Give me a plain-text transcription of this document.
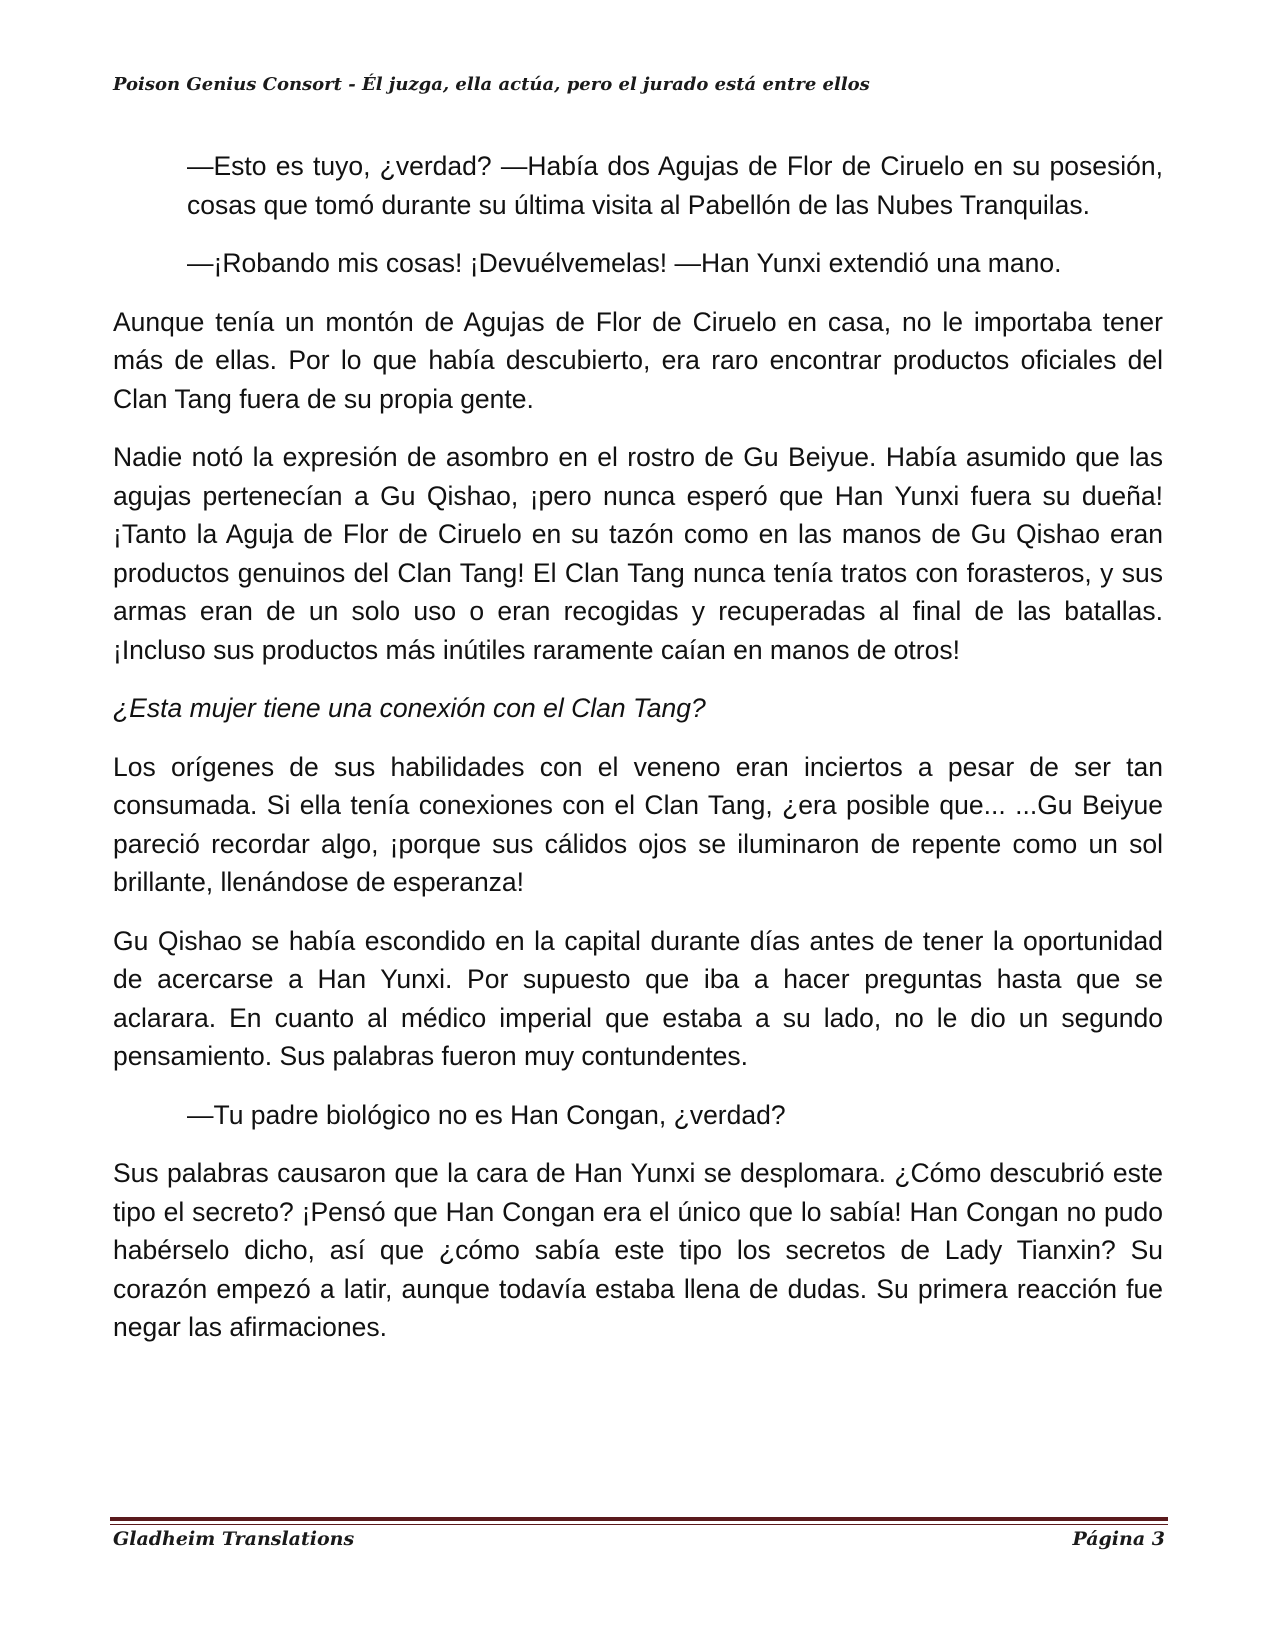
Poison Genius Consort - Él juzga, ella actúa, pero el jurado está entre ellos

—Esto es tuyo, ¿verdad? —Había dos Agujas de Flor de Ciruelo en su posesión, cosas que tomó durante su última visita al Pabellón de las Nubes Tranquilas.

—¡Robando mis cosas! ¡Devuélvemelas! —Han Yunxi extendió una mano.

Aunque tenía un montón de Agujas de Flor de Ciruelo en casa, no le importaba tener más de ellas. Por lo que había descubierto, era raro encontrar productos oficiales del Clan Tang fuera de su propia gente.

Nadie notó la expresión de asombro en el rostro de Gu Beiyue. Había asumido que las agujas pertenecían a Gu Qishao, ¡pero nunca esperó que Han Yunxi fuera su dueña! ¡Tanto la Aguja de Flor de Ciruelo en su tazón como en las manos de Gu Qishao eran productos genuinos del Clan Tang! El Clan Tang nunca tenía tratos con forasteros, y sus armas eran de un solo uso o eran recogidas y recuperadas al final de las batallas. ¡Incluso sus productos más inútiles raramente caían en manos de otros!

¿Esta mujer tiene una conexión con el Clan Tang?

Los orígenes de sus habilidades con el veneno eran inciertos a pesar de ser tan consumada. Si ella tenía conexiones con el Clan Tang, ¿era posible que... ...Gu Beiyue pareció recordar algo, ¡porque sus cálidos ojos se iluminaron de repente como un sol brillante, llenándose de esperanza!

Gu Qishao se había escondido en la capital durante días antes de tener la oportunidad de acercarse a Han Yunxi. Por supuesto que iba a hacer preguntas hasta que se aclarara. En cuanto al médico imperial que estaba a su lado, no le dio un segundo pensamiento. Sus palabras fueron muy contundentes.

—Tu padre biológico no es Han Congan, ¿verdad?

Sus palabras causaron que la cara de Han Yunxi se desplomara. ¿Cómo descubrió este tipo el secreto? ¡Pensó que Han Congan era el único que lo sabía! Han Congan no pudo habérselo dicho, así que ¿cómo sabía este tipo los secretos de Lady Tianxin? Su corazón empezó a latir, aunque todavía estaba llena de dudas. Su primera reacción fue negar las afirmaciones.

Gladheim Translations	Página 3
